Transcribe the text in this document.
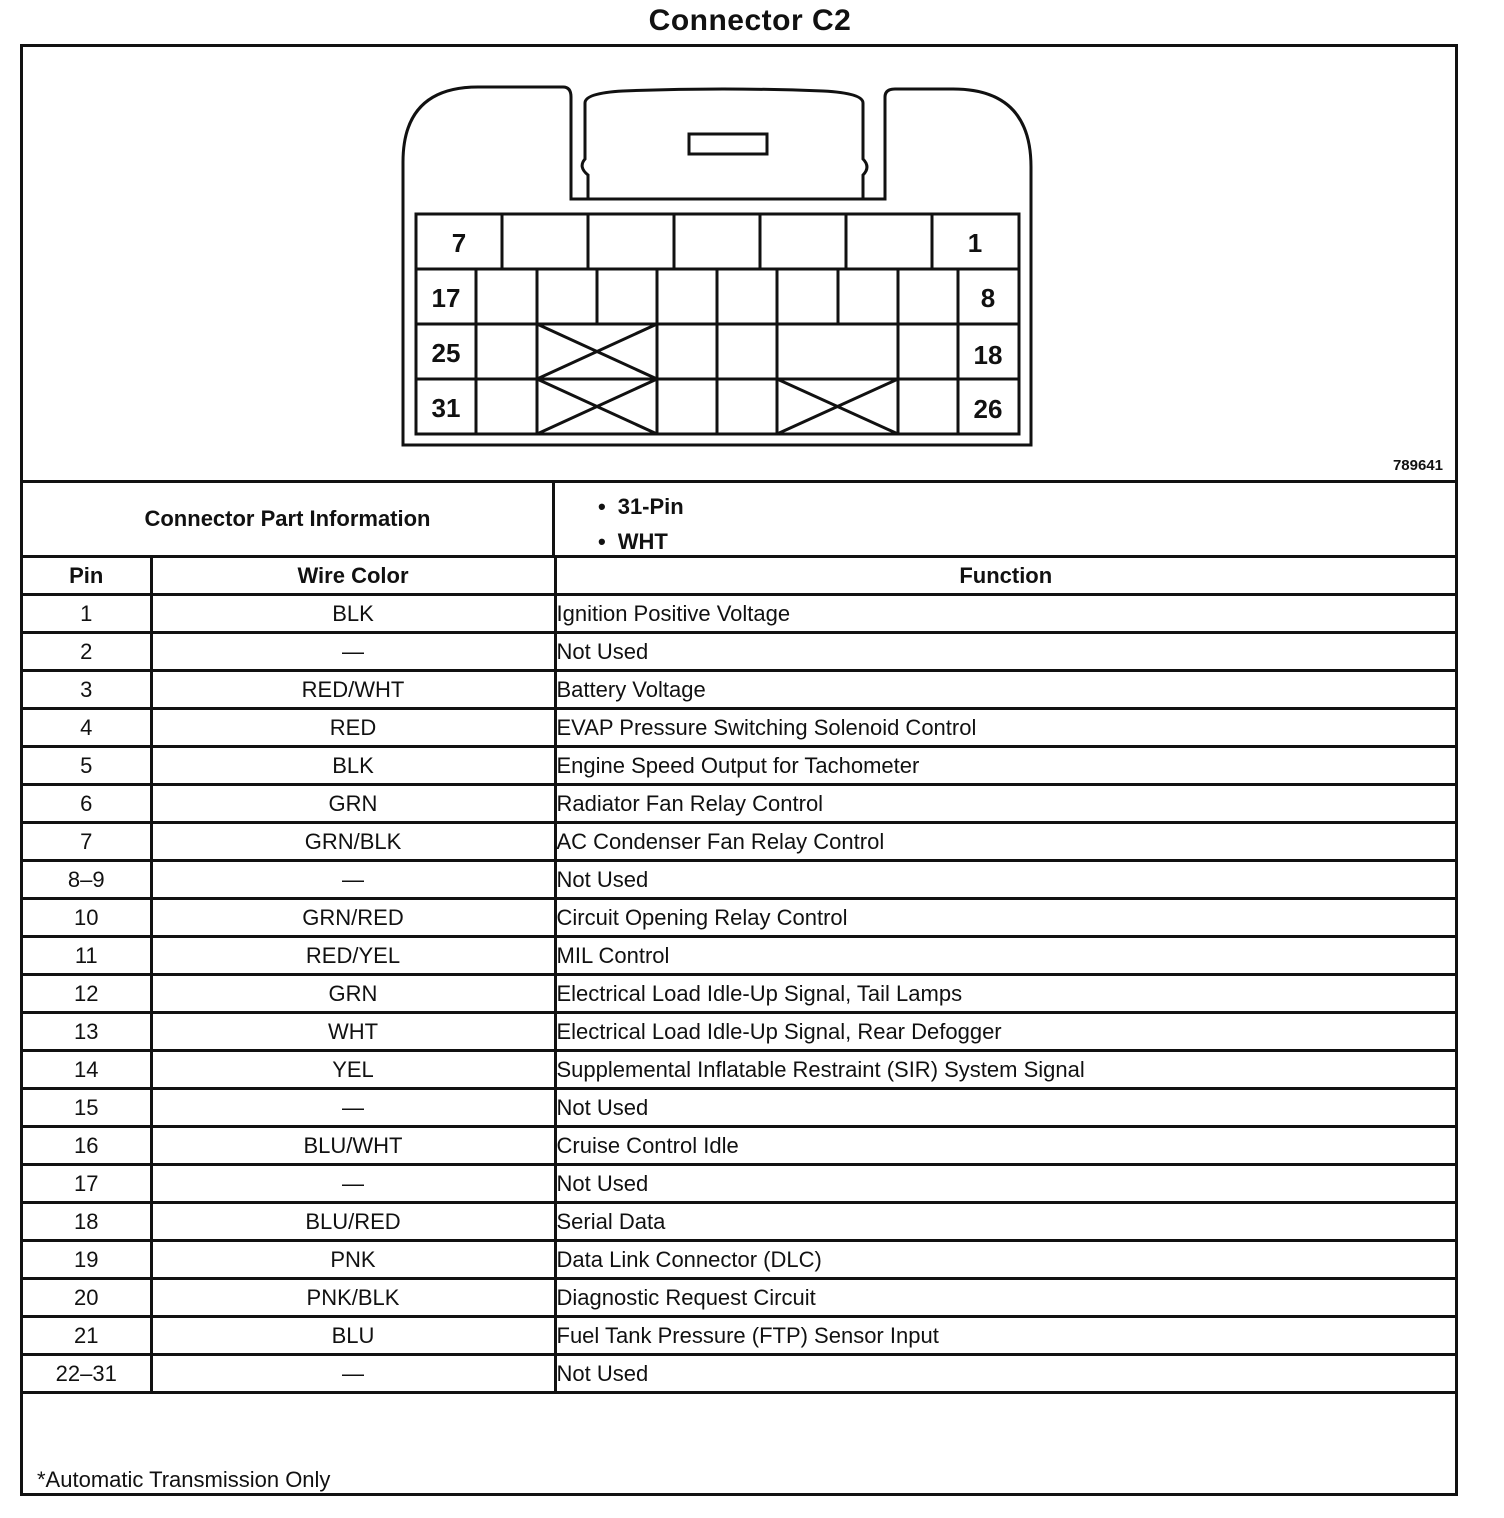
Connector C2
7	1
17	8
25	18
31	26
789641
Connector Part Information	• 31-Pin
• WHT
Pin	Wire Color	Function
1	BLK	Ignition Positive Voltage
2	—	Not Used
3	RED/WHT	Battery Voltage
4	RED	EVAP Pressure Switching Solenoid Control
5	BLK	Engine Speed Output for Tachometer
6	GRN	Radiator Fan Relay Control
7	GRN/BLK	AC Condenser Fan Relay Control
8–9	—	Not Used
10	GRN/RED	Circuit Opening Relay Control
11	RED/YEL	MIL Control
12	GRN	Electrical Load Idle-Up Signal, Tail Lamps
13	WHT	Electrical Load Idle-Up Signal, Rear Defogger
14	YEL	Supplemental Inflatable Restraint (SIR) System Signal
15	—	Not Used
16	BLU/WHT	Cruise Control Idle
17	—	Not Used
18	BLU/RED	Serial Data
19	PNK	Data Link Connector (DLC)
20	PNK/BLK	Diagnostic Request Circuit
21	BLU	Fuel Tank Pressure (FTP) Sensor Input
22–31	—	Not Used
*Automatic Transmission Only
